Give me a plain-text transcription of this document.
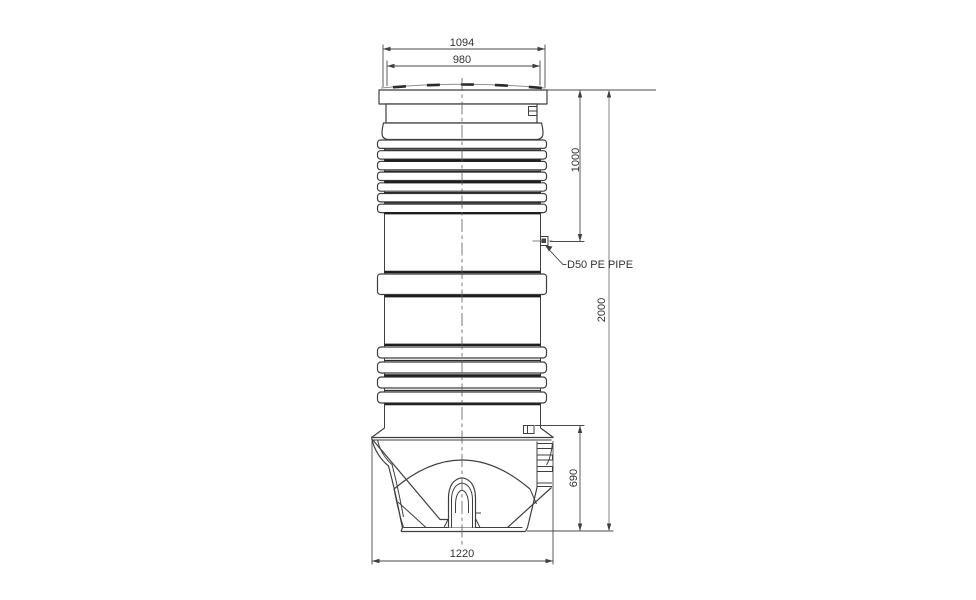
1094
980
1000
2000
690
1220
D50 PE PIPE
